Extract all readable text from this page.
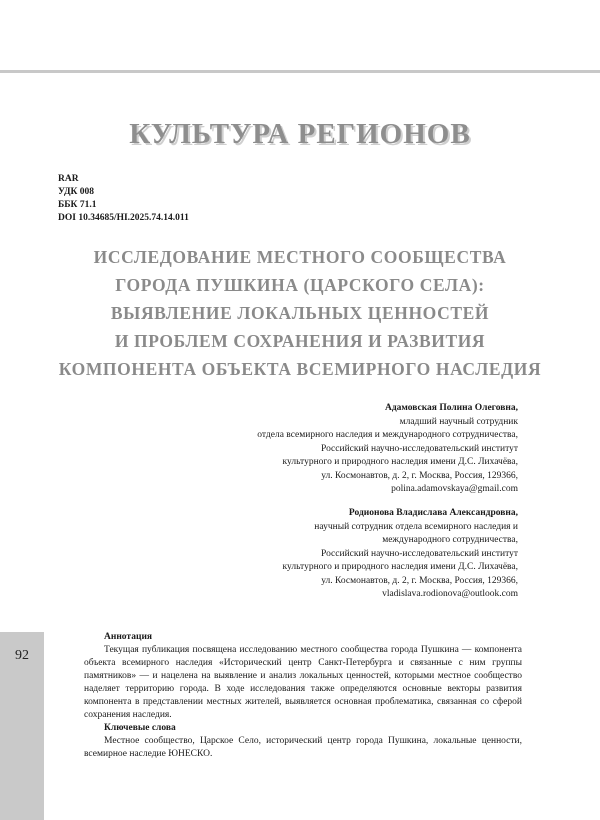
КУЛЬТУРА РЕГИОНОВ
RAR
УДК 008
ББК 71.1
DOI 10.34685/HI.2025.74.14.011
ИССЛЕДОВАНИЕ МЕСТНОГО СООБЩЕСТВА
ГОРОДА ПУШКИНА (ЦАРСКОГО СЕЛА):
ВЫЯВЛЕНИЕ ЛОКАЛЬНЫХ ЦЕННОСТЕЙ
И ПРОБЛЕМ СОХРАНЕНИЯ И РАЗВИТИЯ
КОМПОНЕНТА ОБЪЕКТА ВСЕМИРНОГО НАСЛЕДИЯ
Адамовская Полина Олеговна,
младший научный сотрудник
отдела всемирного наследия и международного сотрудничества,
Российский научно-исследовательский институт
культурного и природного наследия имени Д.С. Лихачёва,
ул. Космонавтов, д. 2, г. Москва, Россия, 129366,
polina.adamovskaya@gmail.com
Родионова Владислава Александровна,
научный сотрудник отдела всемирного наследия и
международного сотрудничества,
Российский научно-исследовательский институт
культурного и природного наследия имени Д.С. Лихачёва,
ул. Космонавтов, д. 2, г. Москва, Россия, 129366,
vladislava.rodionova@outlook.com
92
Аннотация

Текущая публикация посвящена исследованию местного сообщества города Пушкина — компонента объекта всемирного наследия «Исторический центр Санкт-Петербурга и связанные с ним группы памятников» — и нацелена на выявление и анализ локальных ценностей, которыми местное сообщество наделяет территорию города. В ходе исследования также определяются основные векторы развития компонента в представлении местных жителей, выявляется основная проблематика, связанная со сферой сохранения наследия.

Ключевые слова

Местное сообщество, Царское Село, исторический центр города Пушкина, локальные ценности, всемирное наследие ЮНЕСКО.
